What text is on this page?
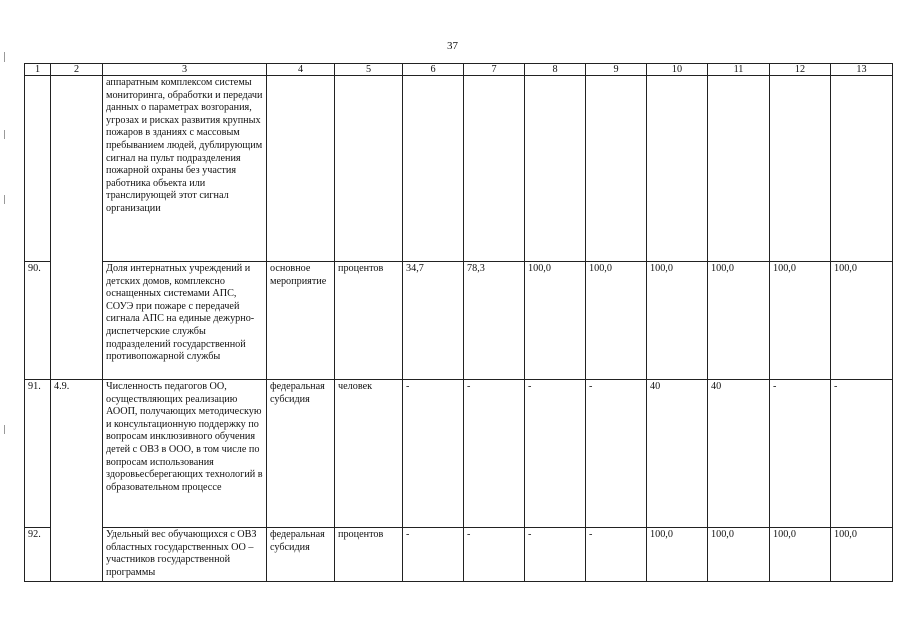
37
1	2	3	4	5	6	7	8	9	10	11	12	13
		аппаратным комплексом системы мониторинга, обработки и передачи данных о параметрах возгорания, угрозах и рисках развития крупных пожаров в зданиях с массовым пребыванием людей, дублирующим сигнал на пульт подразделения пожарной охраны без участия работника объекта или транслирующей этот сигнал организации										
90.		Доля интернатных учреждений и детских домов, комплексно оснащенных системами АПС, СОУЭ при пожаре с передачей сигнала АПС на единые дежурно-диспетчерские службы подразделений государственной противопожарной службы	основное мероприятие	процентов	34,7	78,3	100,0	100,0	100,0	100,0	100,0	100,0
91.	4.9.	Численность педагогов ОО, осуществляющих реализацию АООП, получающих методическую и консультационную поддержку по вопросам инклюзивного обучения детей с ОВЗ в ООО, в том числе по вопросам использования здоровьесберегающих технологий в образовательном процессе	федеральная субсидия	человек	-	-	-	-	40	40	-	-
92.		Удельный вес обучающихся с ОВЗ областных государственных ОО – участников государственной программы	федеральная субсидия	процентов	-	-	-	-	100,0	100,0	100,0	100,0
